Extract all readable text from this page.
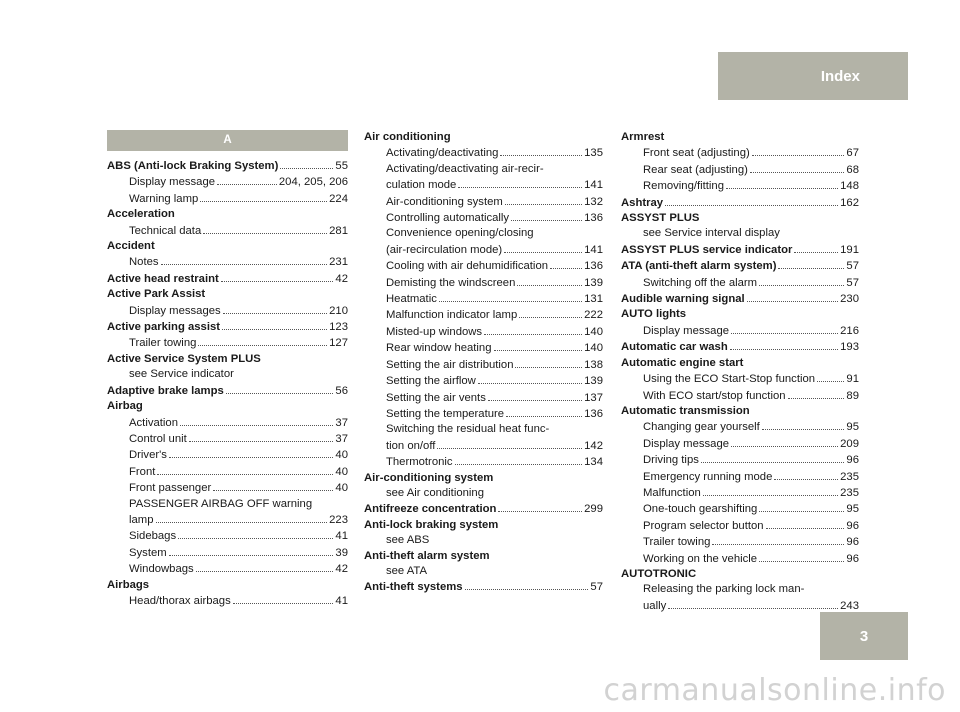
Index
3
A
ABS (Anti-lock Braking System)	55
Display message	204, 205, 206
Warning lamp	224
Acceleration
Technical data	281
Accident
Notes	231
Active head restraint	42
Active Park Assist
Display messages	210
Active parking assist	123
Trailer towing	127
Active Service System PLUS
see Service indicator
Adaptive brake lamps	56
Airbag
Activation	37
Control unit	37
Driver's	40
Front	40
Front passenger	40
PASSENGER AIRBAG OFF warning
lamp	223
Sidebags	41
System	39
Windowbags	42
Airbags
Head/thorax airbags	41
Air conditioning
Activating/deactivating	135
Activating/deactivating air-recir-
culation mode	141
Air-conditioning system	132
Controlling automatically	136
Convenience opening/closing
(air-recirculation mode)	141
Cooling with air dehumidification	136
Demisting the windscreen	139
Heatmatic	131
Malfunction indicator lamp	222
Misted-up windows	140
Rear window heating	140
Setting the air distribution	138
Setting the airflow	139
Setting the air vents	137
Setting the temperature	136
Switching the residual heat func-
tion on/off	142
Thermotronic	134
Air-conditioning system
see Air conditioning
Antifreeze concentration	299
Anti-lock braking system
see ABS
Anti-theft alarm system
see ATA
Anti-theft systems	57
Armrest
Front seat (adjusting)	67
Rear seat (adjusting)	68
Removing/fitting	148
Ashtray	162
ASSYST PLUS
see Service interval display
ASSYST PLUS service indicator	191
ATA (anti-theft alarm system)	57
Switching off the alarm	57
Audible warning signal	230
AUTO lights
Display message	216
Automatic car wash	193
Automatic engine start
Using the ECO Start-Stop function	91
With ECO start/stop function	89
Automatic transmission
Changing gear yourself	95
Display message	209
Driving tips	96
Emergency running mode	235
Malfunction	235
One-touch gearshifting	95
Program selector button	96
Trailer towing	96
Working on the vehicle	96
AUTOTRONIC
Releasing the parking lock man-
ually	243
carmanualsonline.info
